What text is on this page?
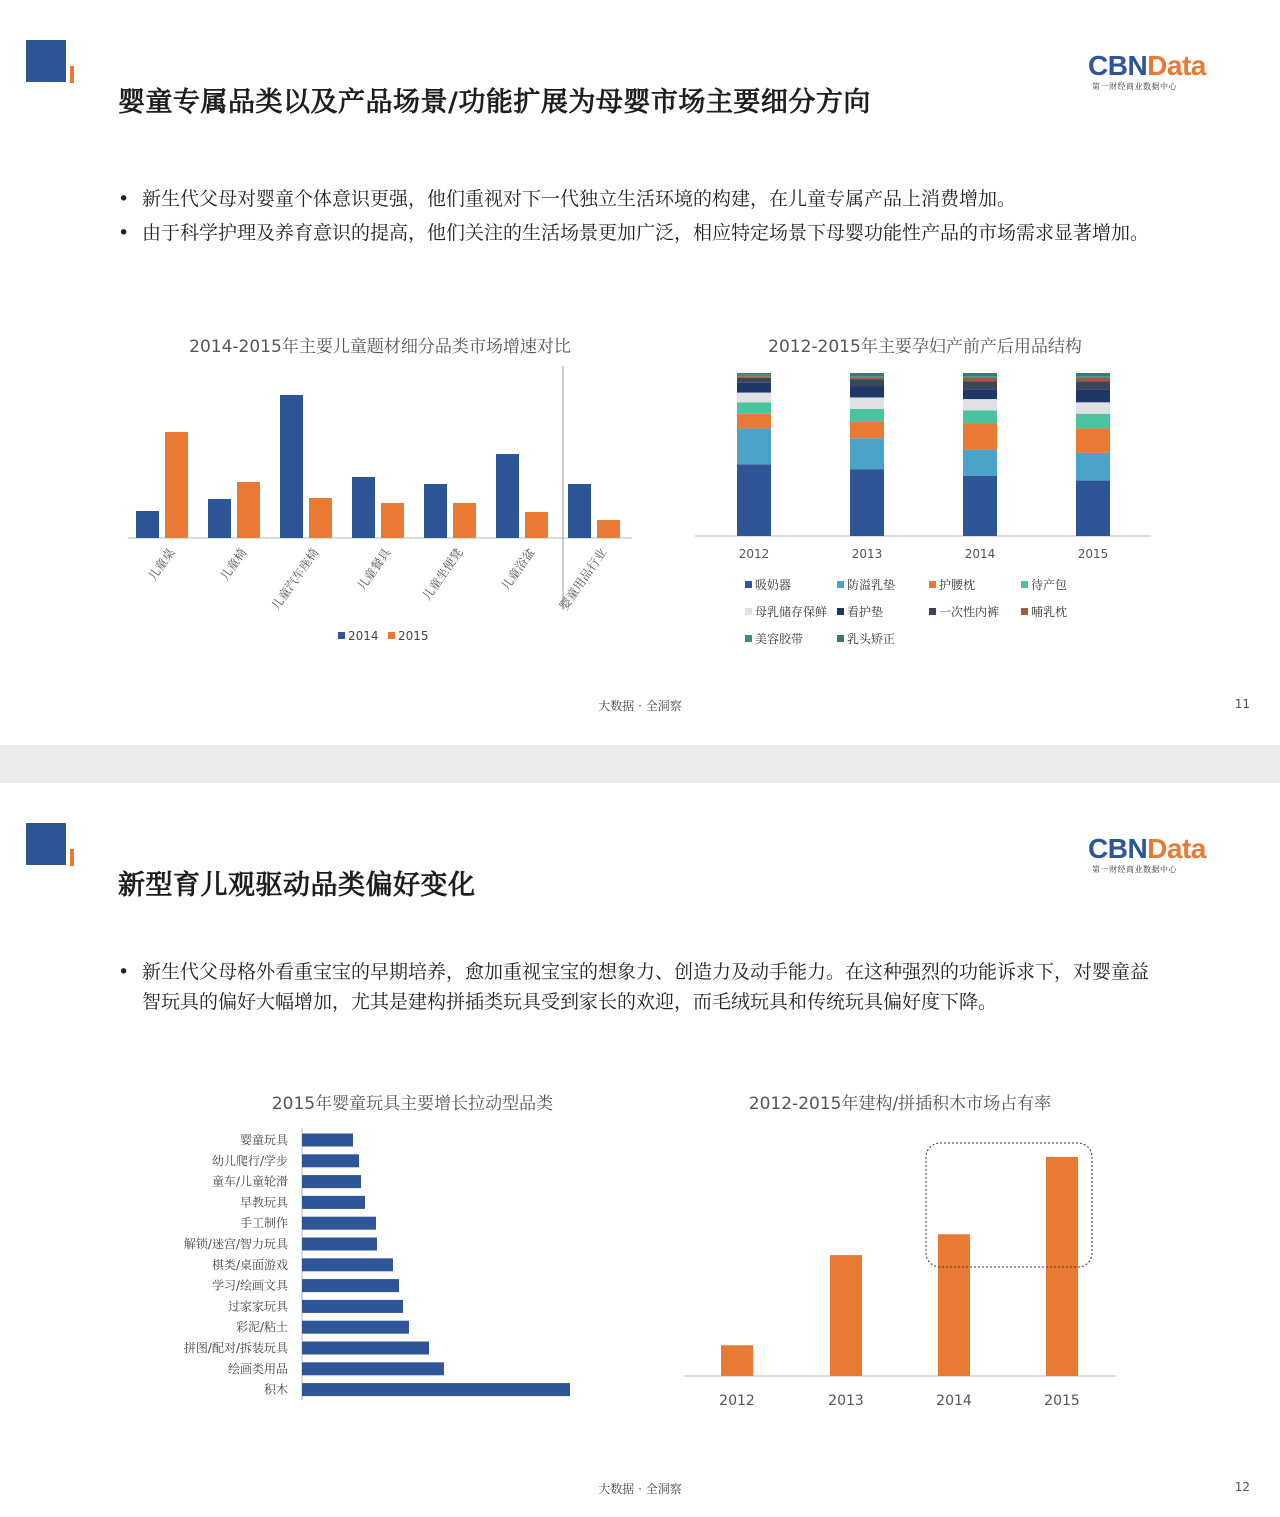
婴童专属品类以及产品场景/功能扩展为母婴市场主要细分方向
CBNData
第一财经商业数据中心
• 新生代父母对婴童个体意识更强，他们重视对下一代独立生活环境的构建，在儿童专属产品上消费增加。
• 由于科学护理及养育意识的提高，他们关注的生活场景更加广泛，相应特定场景下母婴功能性产品的市场需求显著增加。
2014-2015年主要儿童题材细分品类市场增速对比
儿童桌	儿童椅 儿童汽车座椅	儿童餐具 儿童坐便凳	儿童浴盆 婴童用品行业
2014 2015
2012-2015年主要孕妇产前产后用品结构
2012	2013	2014	2015
吸奶器	防溢乳垫	护腰枕	待产包
母乳储存保鲜	看护垫	一次性内裤	哺乳枕
美容胶带	乳头矫正
大数据 · 全洞察	11
新型育儿观驱动品类偏好变化
CBNData
第一财经商业数据中心
• 新生代父母格外看重宝宝的早期培养，愈加重视宝宝的想象力、创造力及动手能力。在这种强烈的功能诉求下，对婴童益智玩具的偏好大幅增加，尤其是建构拼插类玩具受到家长的欢迎，而毛绒玩具和传统玩具偏好度下降。
2015年婴童玩具主要增长拉动型品类
婴童玩具
幼儿爬行/学步
童车/儿童轮滑
早教玩具
手工制作
解锁/迷宫/智力玩具
棋类/桌面游戏
学习/绘画文具
过家家玩具
彩泥/粘土
拼图/配对/拆装玩具
绘画类用品
积木
2012-2015年建构/拼插积木市场占有率
2012	2013	2014	2015
大数据 · 全洞察	12
